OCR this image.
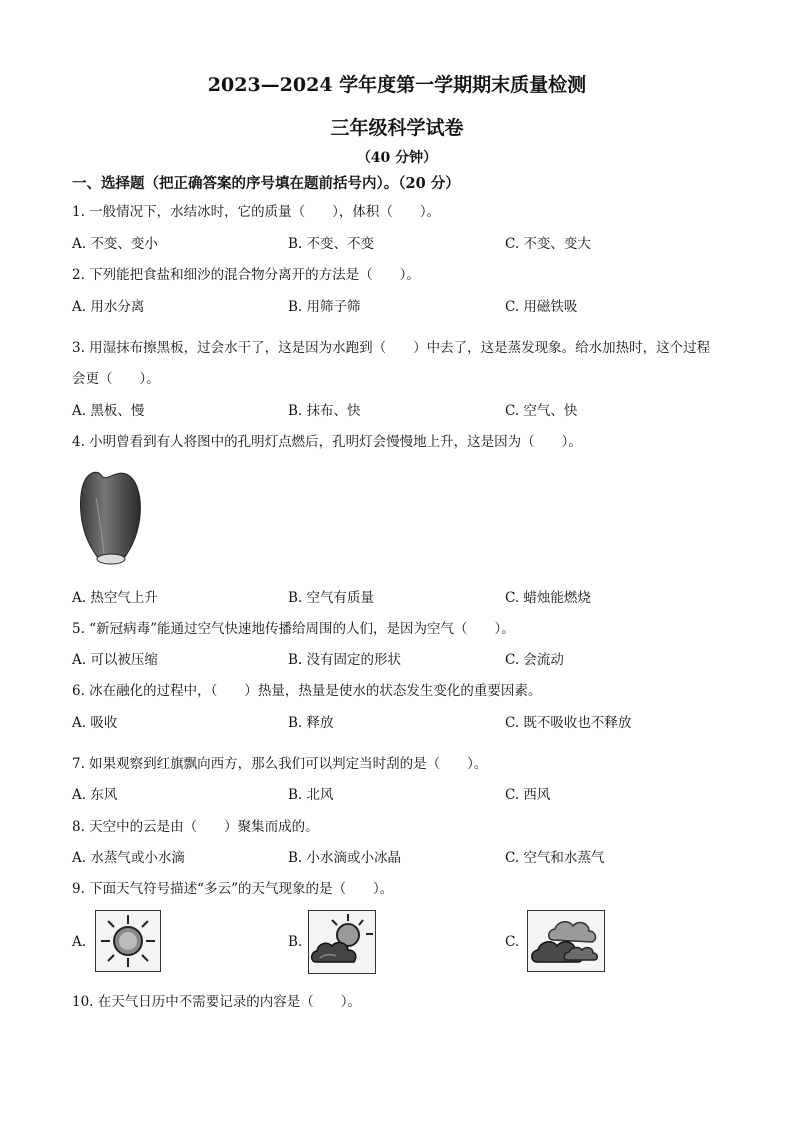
2023—2024 学年度第一学期期末质量检测
三年级科学试卷
（40 分钟）
一、选择题（把正确答案的序号填在题前括号内）。（20 分）
1. 一般情况下，水结冰时，它的质量（　　），体积（　　）。
A. 不变、变小	B. 不变、不变	C. 不变、变大
2. 下列能把食盐和细沙的混合物分离开的方法是（　　）。
A. 用水分离	B. 用筛子筛	C. 用磁铁吸
3. 用湿抹布擦黑板，过会水干了，这是因为水跑到（　　）中去了，这是蒸发现象。给水加热时，这个过程
会更（　　）。
A. 黑板、慢	B. 抹布、快	C. 空气、快
4. 小明曾看到有人将图中的孔明灯点燃后，孔明灯会慢慢地上升，这是因为（　　）。
A. 热空气上升	B. 空气有质量	C. 蜡烛能燃烧
5. “新冠病毒”能通过空气快速地传播给周围的人们，是因为空气（　　）。
A. 可以被压缩	B. 没有固定的形状	C. 会流动
6. 冰在融化的过程中，（　　）热量，热量是使水的状态发生变化的重要因素。
A. 吸收	B. 释放	C. 既不吸收也不释放
7. 如果观察到红旗飘向西方，那么我们可以判定当时刮的是（　　）。
A. 东风	B. 北风	C. 西风
8. 天空中的云是由（　　）聚集而成的。
A. 水蒸气或小水滴	B. 小水滴或小冰晶	C. 空气和水蒸气
9. 下面天气符号描述“多云”的天气现象的是（　　）。
A.	B.	C.
10. 在天气日历中不需要记录的内容是（　　）。
